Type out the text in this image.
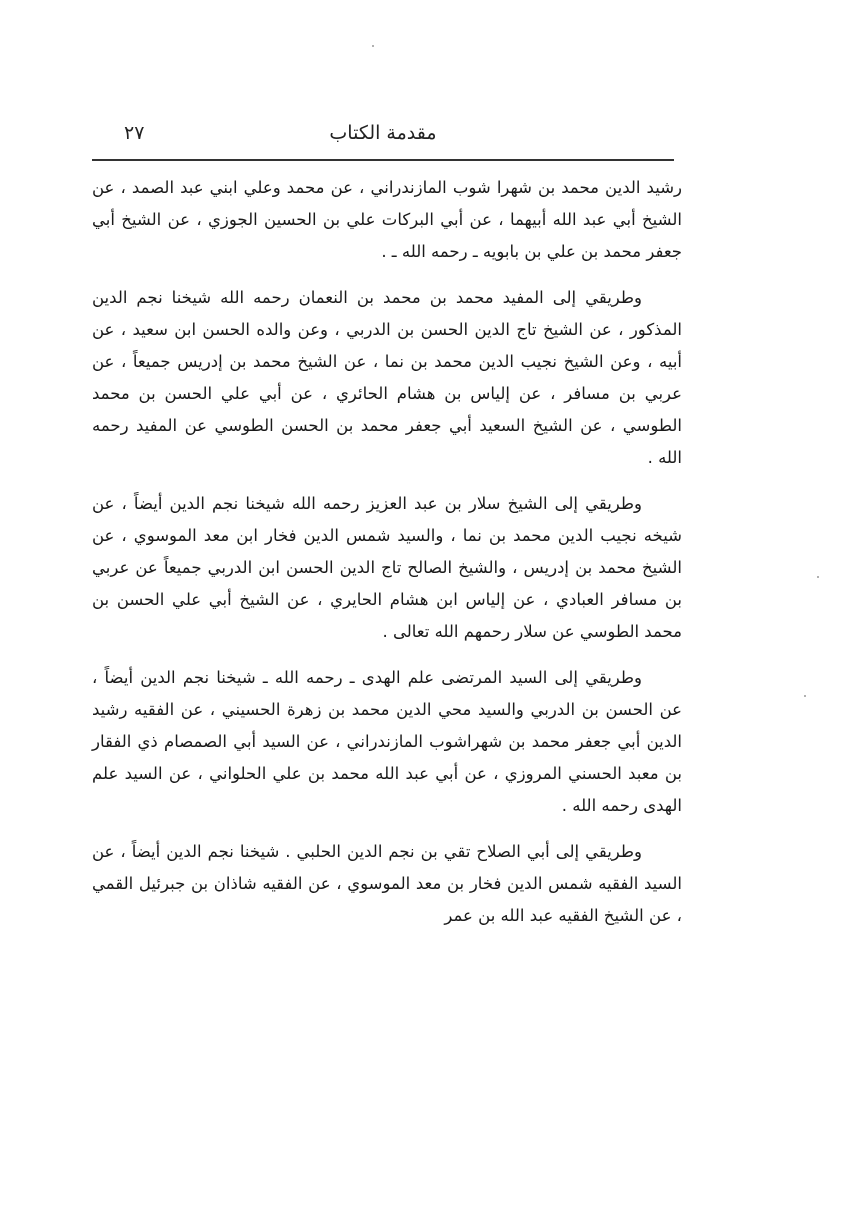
مقدمة الكتاب
٢٧

رشيد الدين محمد بن شهرا شوب المازندراني ، عن محمد وعلي ابني عبد الصمد ، عن الشيخ أبي عبد الله أبيهما ، عن أبي البركات علي بن الحسين الجوزي ، عن الشيخ أبي جعفر محمد بن علي بن بابويه ـ رحمه الله ـ .

وطريقي إلى المفيد محمد بن محمد بن النعمان رحمه الله شيخنا نجم الدين المذكور ، عن الشيخ تاج الدين الحسن بن الدربي ، وعن والده الحسن ابن سعيد ، عن أبيه ، وعن الشيخ نجيب الدين محمد بن نما ، عن الشيخ محمد بن إدريس جميعاً ، عن عربي بن مسافر ، عن إلياس بن هشام الحائري ، عن أبي علي الحسن بن محمد الطوسي ، عن الشيخ السعيد أبي جعفر محمد بن الحسن الطوسي عن المفيد رحمه الله .

وطريقي إلى الشيخ سلار بن عبد العزيز رحمه الله شيخنا نجم الدين أيضاً ، عن شيخه نجيب الدين محمد بن نما ، والسيد شمس الدين فخار ابن معد الموسوي ، عن الشيخ محمد بن إدريس ، والشيخ الصالح تاج الدين الحسن ابن الدربي جميعاً عن عربي بن مسافر العبادي ، عن إلياس ابن هشام الحايري ، عن الشيخ أبي علي الحسن بن محمد الطوسي عن سلار رحمهم الله تعالى .

وطريقي إلى السيد المرتضى علم الهدى ـ رحمه الله ـ شيخنا نجم الدين أيضاً ، عن الحسن بن الدربي والسيد محي الدين محمد بن زهرة الحسيني ، عن الفقيه رشيد الدين أبي جعفر محمد بن شهراشوب المازندراني ، عن السيد أبي الصمصام ذي الفقار بن معبد الحسني المروزي ، عن أبي عبد الله محمد بن علي الحلواني ، عن السيد علم الهدى رحمه الله .

وطريقي إلى أبي الصلاح تقي بن نجم الدين الحلبي . شيخنا نجم الدين أيضاً ، عن السيد الفقيه شمس الدين فخار بن معد الموسوي ، عن الفقيه شاذان بن جبرئيل القمي ، عن الشيخ الفقيه عبد الله بن عمر
